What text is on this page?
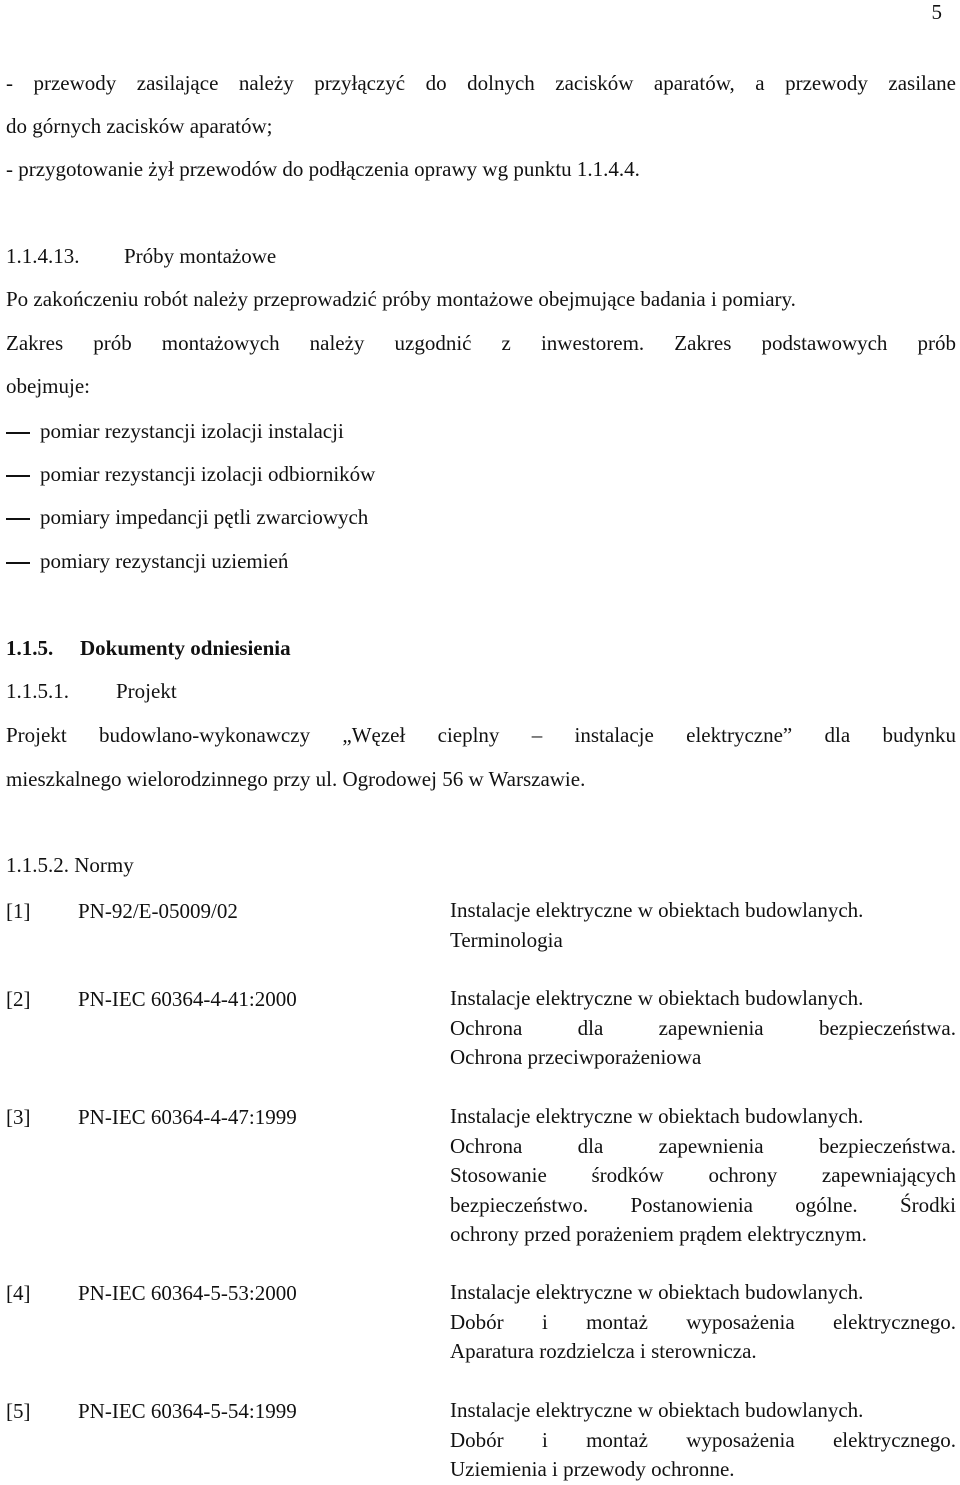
5
- przewody zasilające należy przyłączyć do dolnych zacisków aparatów, a przewody zasilane
do górnych zacisków aparatów;
- przygotowanie żył przewodów do podłączenia oprawy wg punktu 1.1.4.4.
1.1.4.13. Próby montażowe
Po zakończeniu robót należy przeprowadzić próby montażowe obejmujące badania i pomiary.
Zakres prób montażowych należy uzgodnić z inwestorem. Zakres podstawowych prób
obejmuje:
pomiar rezystancji izolacji instalacji
pomiar rezystancji izolacji odbiorników
pomiary impedancji pętli zwarciowych
pomiary rezystancji uziemień
1.1.5. Dokumenty odniesienia
1.1.5.1. Projekt
Projekt budowlano-wykonawczy „Węzeł cieplny – instalacje elektryczne” dla budynku
mieszkalnego wielorodzinnego przy ul. Ogrodowej 56 w Warszawie.
1.1.5.2. Normy
[1] PN-92/E-05009/02	Instalacje elektryczne w obiektach budowlanych.
Terminologia
[2] PN-IEC 60364-4-41:2000	Instalacje elektryczne w obiektach budowlanych.
Ochrona dla zapewnienia bezpieczeństwa.
Ochrona przeciwporażeniowa
[3] PN-IEC 60364-4-47:1999	Instalacje elektryczne w obiektach budowlanych.
Ochrona dla zapewnienia bezpieczeństwa.
Stosowanie środków ochrony zapewniających
bezpieczeństwo. Postanowienia ogólne. Środki
ochrony przed porażeniem prądem elektrycznym.
[4] PN-IEC 60364-5-53:2000	Instalacje elektryczne w obiektach budowlanych.
Dobór i montaż wyposażenia elektrycznego.
Aparatura rozdzielcza i sterownicza.
[5] PN-IEC 60364-5-54:1999	Instalacje elektryczne w obiektach budowlanych.
Dobór i montaż wyposażenia elektrycznego.
Uziemienia i przewody ochronne.
